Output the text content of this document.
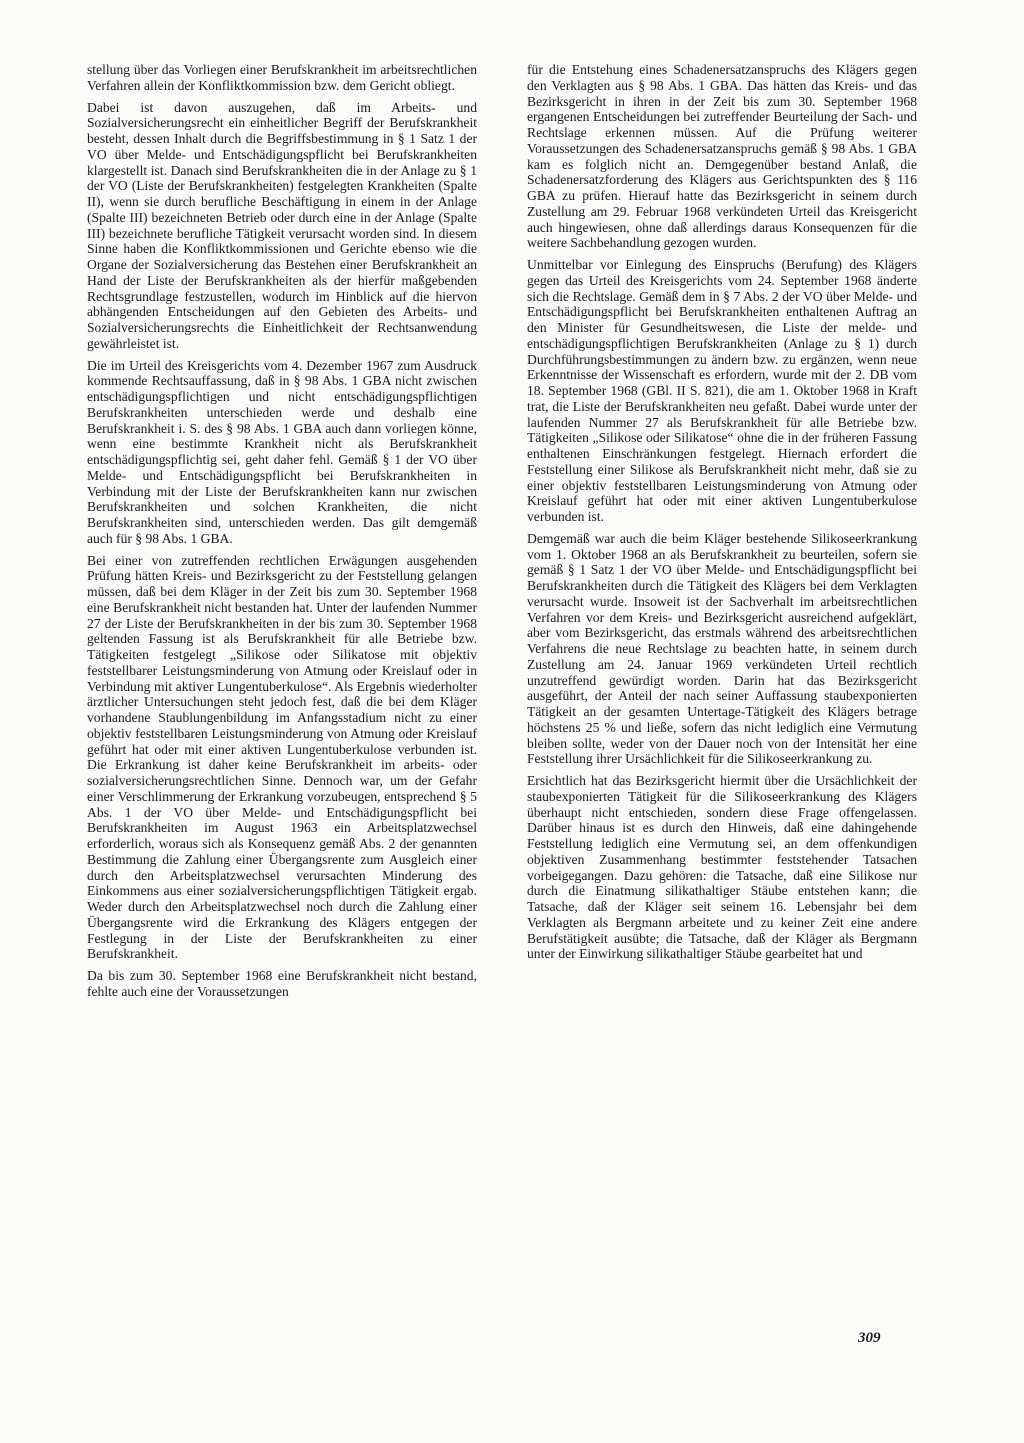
stellung über das Vorliegen einer Berufskrankheit im arbeitsrechtlichen Verfahren allein der Konfliktkommission bzw. dem Gericht obliegt.

Dabei ist davon auszugehen, daß im Arbeits- und Sozialversicherungsrecht ein einheitlicher Begriff der Berufskrankheit besteht, dessen Inhalt durch die Begriffsbestimmung in § 1 Satz 1 der VO über Melde- und Entschädigungspflicht bei Berufskrankheiten klargestellt ist. Danach sind Berufskrankheiten die in der Anlage zu § 1 der VO (Liste der Berufskrankheiten) festgelegten Krankheiten (Spalte II), wenn sie durch berufliche Beschäftigung in einem in der Anlage (Spalte III) bezeichneten Betrieb oder durch eine in der Anlage (Spalte III) bezeichnete berufliche Tätigkeit verursacht worden sind. In diesem Sinne haben die Konfliktkommissionen und Gerichte ebenso wie die Organe der Sozialversicherung das Bestehen einer Berufskrankheit an Hand der Liste der Berufskrankheiten als der hierfür maßgebenden Rechtsgrundlage festzustellen, wodurch im Hinblick auf die hiervon abhängenden Entscheidungen auf den Gebieten des Arbeits- und Sozialversicherungsrechts die Einheitlichkeit der Rechtsanwendung gewährleistet ist.

Die im Urteil des Kreisgerichts vom 4. Dezember 1967 zum Ausdruck kommende Rechtsauffassung, daß in § 98 Abs. 1 GBA nicht zwischen entschädigungspflichtigen und nicht entschädigungspflichtigen Berufskrankheiten unterschieden werde und deshalb eine Berufskrankheit i. S. des § 98 Abs. 1 GBA auch dann vorliegen könne, wenn eine bestimmte Krankheit nicht als Berufskrankheit entschädigungspflichtig sei, geht daher fehl. Gemäß § 1 der VO über Melde- und Entschädigungspflicht bei Berufskrankheiten in Verbindung mit der Liste der Berufskrankheiten kann nur zwischen Berufskrankheiten und solchen Krankheiten, die nicht Berufskrankheiten sind, unterschieden werden. Das gilt demgemäß auch für § 98 Abs. 1 GBA.

Bei einer von zutreffenden rechtlichen Erwägungen ausgehenden Prüfung hätten Kreis- und Bezirksgericht zu der Feststellung gelangen müssen, daß bei dem Kläger in der Zeit bis zum 30. September 1968 eine Berufskrankheit nicht bestanden hat. Unter der laufenden Nummer 27 der Liste der Berufskrankheiten in der bis zum 30. September 1968 geltenden Fassung ist als Berufskrankheit für alle Betriebe bzw. Tätigkeiten festgelegt „Silikose oder Silikatose mit objektiv feststellbarer Leistungsminderung von Atmung oder Kreislauf oder in Verbindung mit aktiver Lungentuberkulose“. Als Ergebnis wiederholter ärztlicher Untersuchungen steht jedoch fest, daß die bei dem Kläger vorhandene Staublungenbildung im Anfangsstadium nicht zu einer objektiv feststellbaren Leistungsminderung von Atmung oder Kreislauf geführt hat oder mit einer aktiven Lungentuberkulose verbunden ist. Die Erkrankung ist daher keine Berufskrankheit im arbeits- oder sozialversicherungsrechtlichen Sinne. Dennoch war, um der Gefahr einer Verschlimmerung der Erkrankung vorzubeugen, entsprechend § 5 Abs. 1 der VO über Melde- und Entschädigungspflicht bei Berufskrankheiten im August 1963 ein Arbeitsplatzwechsel erforderlich, woraus sich als Konsequenz gemäß Abs. 2 der genannten Bestimmung die Zahlung einer Übergangsrente zum Ausgleich einer durch den Arbeitsplatzwechsel verursachten Minderung des Einkommens aus einer sozialversicherungspflichtigen Tätigkeit ergab. Weder durch den Arbeitsplatzwechsel noch durch die Zahlung einer Übergangsrente wird die Erkrankung des Klägers entgegen der Festlegung in der Liste der Berufskrankheiten zu einer Berufskrankheit.

Da bis zum 30. September 1968 eine Berufskrankheit nicht bestand, fehlte auch eine der Voraussetzungen

für die Entstehung eines Schadenersatzanspruchs des Klägers gegen den Verklagten aus § 98 Abs. 1 GBA. Das hätten das Kreis- und das Bezirksgericht in ihren in der Zeit bis zum 30. September 1968 ergangenen Entscheidungen bei zutreffender Beurteilung der Sach- und Rechtslage erkennen müssen. Auf die Prüfung weiterer Voraussetzungen des Schadenersatzanspruchs gemäß § 98 Abs. 1 GBA kam es folglich nicht an. Demgegenüber bestand Anlaß, die Schadenersatzforderung des Klägers aus Gerichtspunkten des § 116 GBA zu prüfen. Hierauf hatte das Bezirksgericht in seinem durch Zustellung am 29. Februar 1968 verkündeten Urteil das Kreisgericht auch hingewiesen, ohne daß allerdings daraus Konsequenzen für die weitere Sachbehandlung gezogen wurden.

Unmittelbar vor Einlegung des Einspruchs (Berufung) des Klägers gegen das Urteil des Kreisgerichts vom 24. September 1968 änderte sich die Rechtslage. Gemäß dem in § 7 Abs. 2 der VO über Melde- und Entschädigungspflicht bei Berufskrankheiten enthaltenen Auftrag an den Minister für Gesundheitswesen, die Liste der melde- und entschädigungspflichtigen Berufskrankheiten (Anlage zu § 1) durch Durchführungsbestimmungen zu ändern bzw. zu ergänzen, wenn neue Erkenntnisse der Wissenschaft es erfordern, wurde mit der 2. DB vom 18. September 1968 (GBl. II S. 821), die am 1. Oktober 1968 in Kraft trat, die Liste der Berufskrankheiten neu gefaßt. Dabei wurde unter der laufenden Nummer 27 als Berufskrankheit für alle Betriebe bzw. Tätigkeiten „Silikose oder Silikatose“ ohne die in der früheren Fassung enthaltenen Einschränkungen festgelegt. Hiernach erfordert die Feststellung einer Silikose als Berufskrankheit nicht mehr, daß sie zu einer objektiv feststellbaren Leistungsminderung von Atmung oder Kreislauf geführt hat oder mit einer aktiven Lungentuberkulose verbunden ist.

Demgemäß war auch die beim Kläger bestehende Silikoseerkrankung vom 1. Oktober 1968 an als Berufskrankheit zu beurteilen, sofern sie gemäß § 1 Satz 1 der VO über Melde- und Entschädigungspflicht bei Berufskrankheiten durch die Tätigkeit des Klägers bei dem Verklagten verursacht wurde. Insoweit ist der Sachverhalt im arbeitsrechtlichen Verfahren vor dem Kreis- und Bezirksgericht ausreichend aufgeklärt, aber vom Bezirksgericht, das erstmals während des arbeitsrechtlichen Verfahrens die neue Rechtslage zu beachten hatte, in seinem durch Zustellung am 24. Januar 1969 verkündeten Urteil rechtlich unzutreffend gewürdigt worden. Darin hat das Bezirksgericht ausgeführt, der Anteil der nach seiner Auffassung staubexponierten Tätigkeit an der gesamten Untertage-Tätigkeit des Klägers betrage höchstens 25 % und ließe, sofern das nicht lediglich eine Vermutung bleiben sollte, weder von der Dauer noch von der Intensität her eine Feststellung ihrer Ursächlichkeit für die Silikoseerkrankung zu.

Ersichtlich hat das Bezirksgericht hiermit über die Ursächlichkeit der staubexponierten Tätigkeit für die Silikoseerkrankung des Klägers überhaupt nicht entschieden, sondern diese Frage offengelassen. Darüber hinaus ist es durch den Hinweis, daß eine dahingehende Feststellung lediglich eine Vermutung sei, an dem offenkundigen objektiven Zusammenhang bestimmter feststehender Tatsachen vorbeigegangen. Dazu gehören: die Tatsache, daß eine Silikose nur durch die Einatmung silikathaltiger Stäube entstehen kann; die Tatsache, daß der Kläger seit seinem 16. Lebensjahr bei dem Verklagten als Bergmann arbeitete und zu keiner Zeit eine andere Berufstätigkeit ausübte; die Tatsache, daß der Kläger als Bergmann unter der Einwirkung silikathaltiger Stäube gearbeitet hat und

309
